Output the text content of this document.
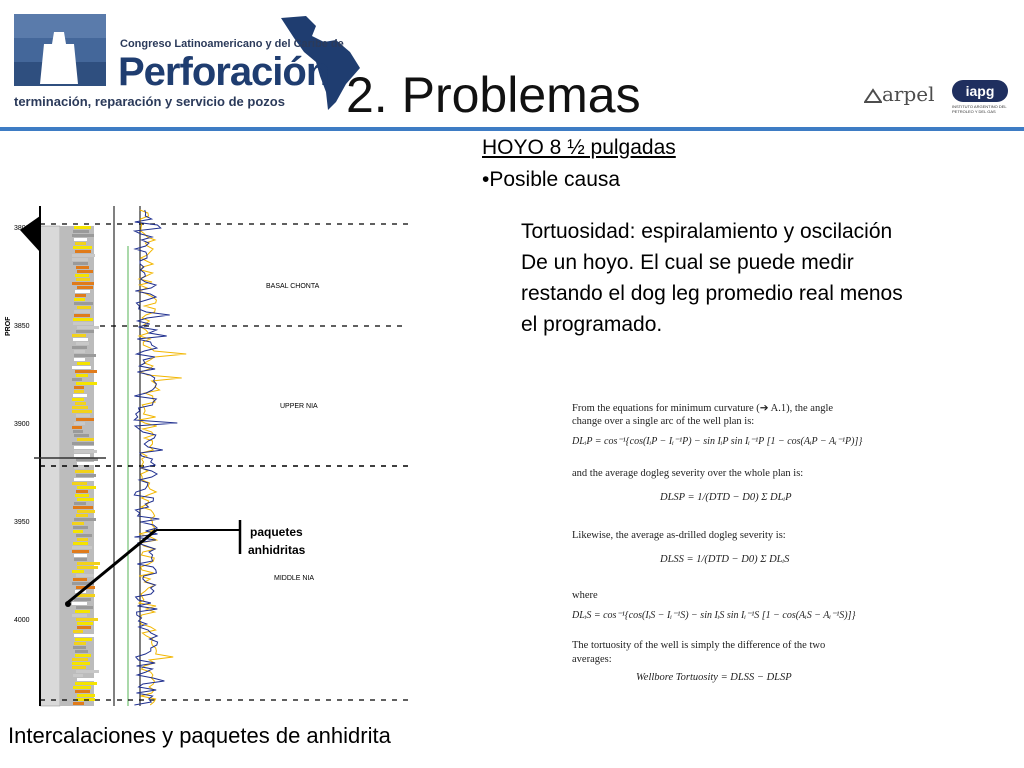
Congreso Latinoamericano y del Caribe de
Perforación
terminación, reparación y servicio de pozos 2. Problemas	arpel	iapg
INSTITUTO ARGENTINO DEL PETROLEO Y DEL GAS
HOYO 8 ½ pulgadas
•Posible causa
Tortuosidad: espiralamiento y oscilación
De un hoyo. El cual se puede medir
restando el dog leg promedio real menos
el programado.
From the equations for minimum curvature (➔ A.1), the angle
change over a single arc of the well plan is:
DLᵢP = cos⁻¹{cos(IᵢP − Iᵢ⁻¹P) − sin IᵢP sin Iᵢ⁻¹P [1 − cos(AᵢP − Aᵢ⁻¹P)]}
and the average dogleg severity over the whole plan is:
DLSP = 1/(DTD − D0) Σ DLᵢP
Likewise, the average as-drilled dogleg severity is:
DLSS = 1/(DTD − D0) Σ DLᵢS
where
DLᵢS = cos⁻¹{cos(IᵢS − Iᵢ⁻¹S) − sin IᵢS sin Iᵢ⁻¹S [1 − cos(AᵢS − Aᵢ⁻¹S)]}
The tortuosity of the well is simply the difference of the two
averages:
Wellbore Tortuosity = DLSS − DLSP
3800
3850
3900
3950
4000
PROF
BASAL CHONTA
UPPER NIA
MIDDLE NIA
paquetes
anhidritas
Intercalaciones y paquetes de anhidrita
